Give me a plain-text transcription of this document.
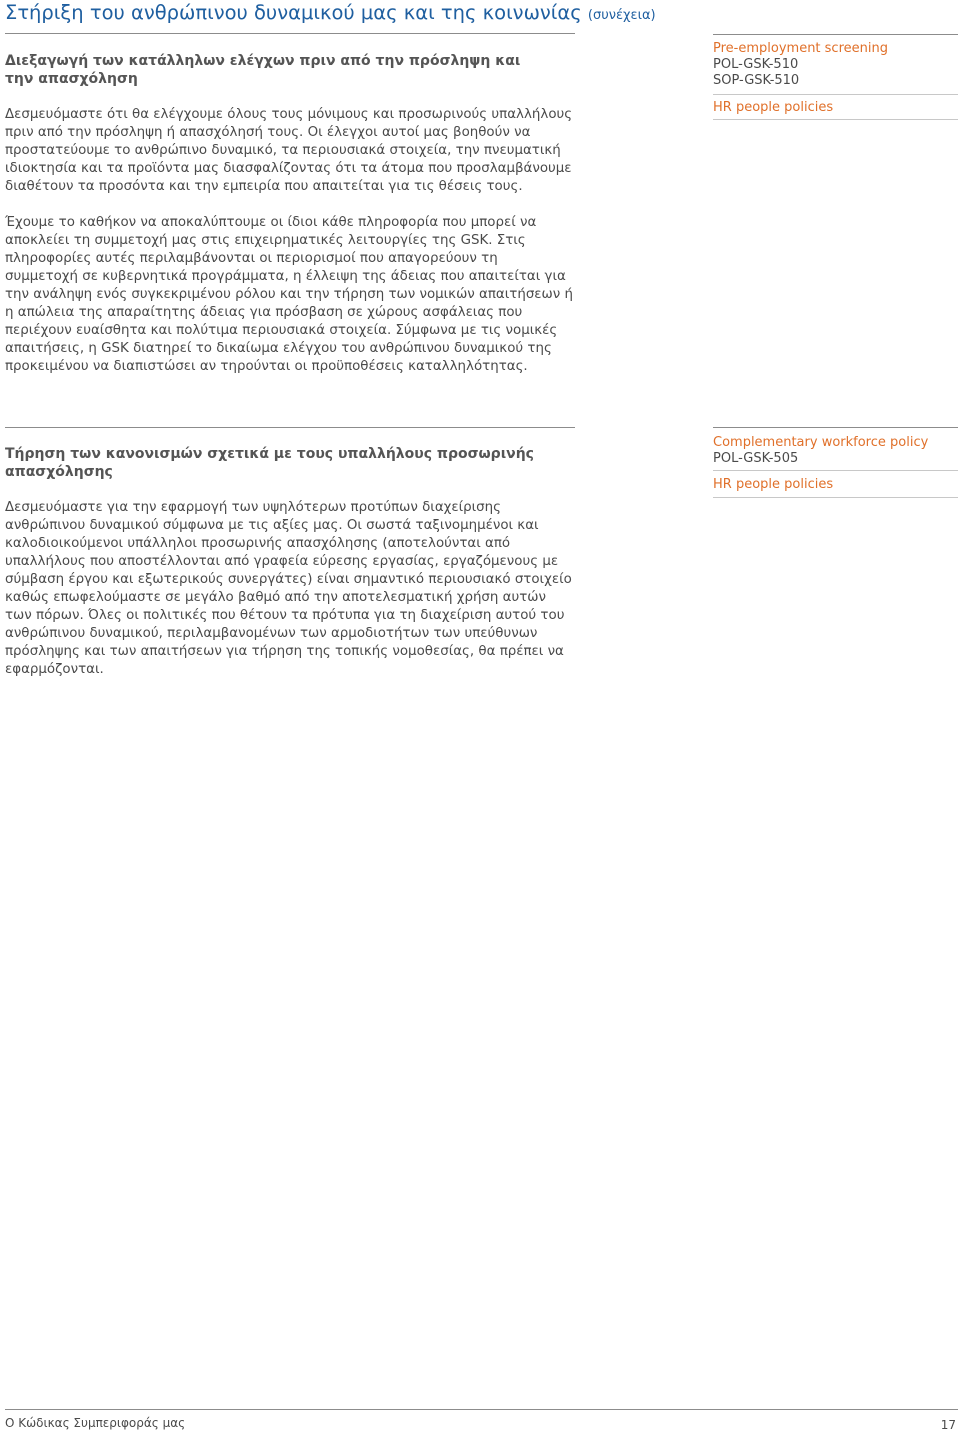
Στήριξη του ανθρώπινου δυναμικού μας και της κοινωνίας (συνέχεια)
Διεξαγωγή των κατάλληλων ελέγχων πριν από την πρόσληψη και την απασχόληση

Δεσμευόμαστε ότι θα ελέγχουμε όλους τους μόνιμους και προσωρινούς υπαλλήλους πριν από την πρόσληψη ή απασχόλησή τους. Οι έλεγχοι αυτοί μας βοηθούν να προστατεύουμε το ανθρώπινο δυναμικό, τα περιουσιακά στοιχεία, την πνευματική ιδιοκτησία και τα προϊόντα μας διασφαλίζοντας ότι τα άτομα που προσλαμβάνουμε διαθέτουν τα προσόντα και την εμπειρία που απαιτείται για τις θέσεις τους.

Έχουμε το καθήκον να αποκαλύπτουμε οι ίδιοι κάθε πληροφορία που μπορεί να αποκλείει τη συμμετοχή μας στις επιχειρηματικές λειτουργίες της GSK. Στις πληροφορίες αυτές περιλαμβάνονται οι περιορισμοί που απαγορεύουν τη συμμετοχή σε κυβερνητικά προγράμματα, η έλλειψη της άδειας που απαιτείται για την ανάληψη ενός συγκεκριμένου ρόλου και την τήρηση των νομικών απαιτήσεων ή η απώλεια της απαραίτητης άδειας για πρόσβαση σε χώρους ασφάλειας που περιέχουν ευαίσθητα και πολύτιμα περιουσιακά στοιχεία. Σύμφωνα με τις νομικές απαιτήσεις, η GSK διατηρεί το δικαίωμα ελέγχου του ανθρώπινου δυναμικού της προκειμένου να διαπιστώσει αν τηρούνται οι προϋποθέσεις καταλληλότητας.

Pre-employment screening
POL-GSK-510
SOP-GSK-510
HR people policies
Τήρηση των κανονισμών σχετικά με τους υπαλλήλους προσωρινής απασχόλησης

Δεσμευόμαστε για την εφαρμογή των υψηλότερων προτύπων διαχείρισης ανθρώπινου δυναμικού σύμφωνα με τις αξίες μας. Οι σωστά ταξινομημένοι και καλοδιοικούμενοι υπάλληλοι προσωρινής απασχόλησης (αποτελούνται από υπαλλήλους που αποστέλλονται από γραφεία εύρεσης εργασίας, εργαζόμενους με σύμβαση έργου και εξωτερικούς συνεργάτες) είναι σημαντικό περιουσιακό στοιχείο καθώς επωφελούμαστε σε μεγάλο βαθμό από την αποτελεσματική χρήση αυτών των πόρων. Όλες οι πολιτικές που θέτουν τα πρότυπα για τη διαχείριση αυτού του ανθρώπινου δυναμικού, περιλαμβανομένων των αρμοδιοτήτων των υπεύθυνων πρόσληψης και των απαιτήσεων για τήρηση της τοπικής νομοθεσίας, θα πρέπει να εφαρμόζονται.

Complementary workforce policy
POL-GSK-505
HR people policies
Ο Κώδικας Συμπεριφοράς μας	17
